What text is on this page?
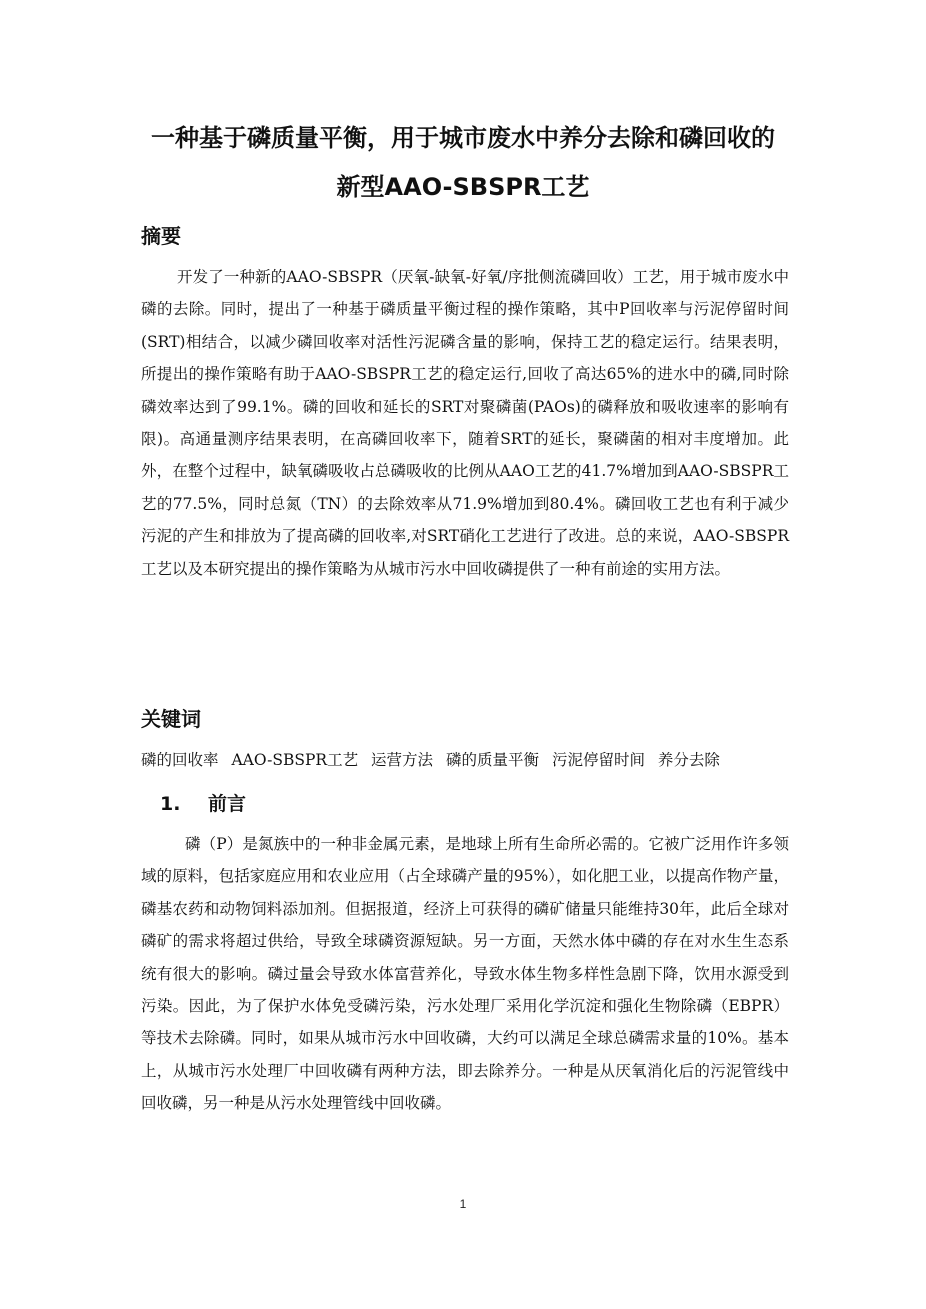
一种基于磷质量平衡，用于城市废水中养分去除和磷回收的
新型AAO-SBSPR工艺
摘要

开发了一种新的AAO-SBSPR（厌氧-缺氧-好氧/序批侧流磷回收）工艺，用于城市废水中磷的去除。同时，提出了一种基于磷质量平衡过程的操作策略，其中P回收率与污泥停留时间(SRT)相结合，以减少磷回收率对活性污泥磷含量的影响，保持工艺的稳定运行。结果表明，所提出的操作策略有助于AAO-SBSPR工艺的稳定运行,回收了高达65%的进水中的磷,同时除磷效率达到了99.1%。磷的回收和延长的SRT对聚磷菌(PAOs)的磷释放和吸收速率的影响有限)。高通量测序结果表明，在高磷回收率下，随着SRT的延长，聚磷菌的相对丰度增加。此外，在整个过程中，缺氧磷吸收占总磷吸收的比例从AAO工艺的41.7%增加到AAO-SBSPR工艺的77.5%，同时总氮（TN）的去除效率从71.9%增加到80.4%。磷回收工艺也有利于减少污泥的产生和排放为了提高磷的回收率,对SRT硝化工艺进行了改进。总的来说，AAO-SBSPR工艺以及本研究提出的操作策略为从城市污水中回收磷提供了一种有前途的实用方法。

关键词
磷的回收率 AAO-SBSPR工艺 运营方法 磷的质量平衡 污泥停留时间 养分去除
1. 前言

磷（P）是氮族中的一种非金属元素，是地球上所有生命所必需的。它被广泛用作许多领域的原料，包括家庭应用和农业应用（占全球磷产量的95%），如化肥工业，以提高作物产量，磷基农药和动物饲料添加剂。但据报道，经济上可获得的磷矿储量只能维持30年，此后全球对磷矿的需求将超过供给，导致全球磷资源短缺。另一方面，天然水体中磷的存在对水生生态系统有很大的影响。磷过量会导致水体富营养化，导致水体生物多样性急剧下降，饮用水源受到污染。因此，为了保护水体免受磷污染，污水处理厂采用化学沉淀和强化生物除磷（EBPR）等技术去除磷。同时，如果从城市污水中回收磷，大约可以满足全球总磷需求量的10%。基本上，从城市污水处理厂中回收磷有两种方法，即去除养分。一种是从厌氧消化后的污泥管线中回收磷，另一种是从污水处理管线中回收磷。

1
